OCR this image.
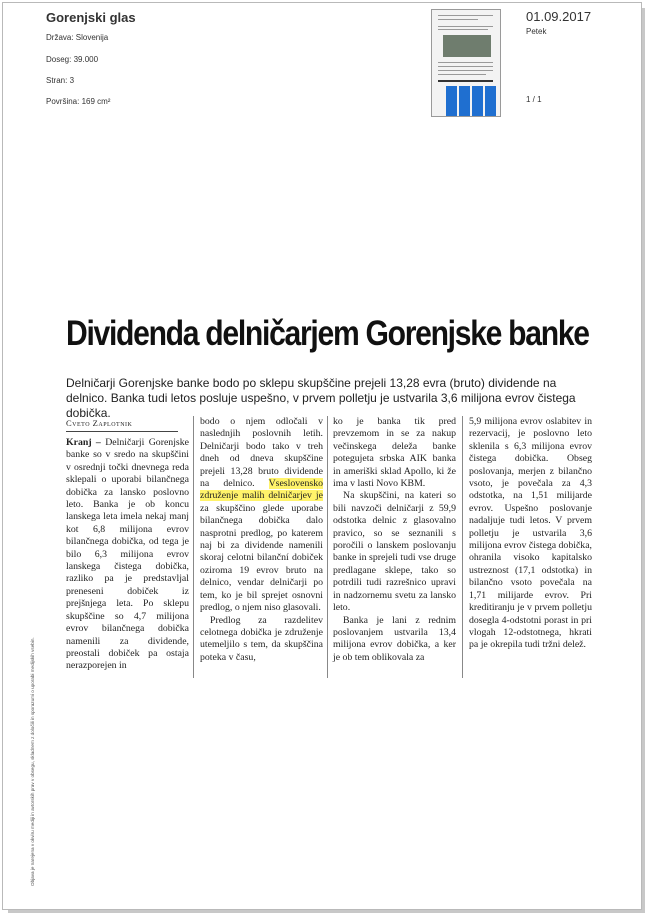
Gorenjski glas
Država: Slovenija
Doseg: 39.000
Stran: 3
Površina: 169 cm²
01.09.2017
Petek
1 / 1
Objava je narejena v okviru mediji in avtorskih prav v obsegu, skladnem z določili in sporazumi o uporabi medijskih vsebin.
Dividenda delničarjem Gorenjske banke
Delničarji Gorenjske banke bodo po sklepu skupščine prejeli 13,28 evra (bruto) dividende na delnico. Banka tudi letos posluje uspešno, v prvem polletju je ustvarila 3,6 milijona evrov čistega dobička.
Cveto Zaplotnik

Kranj – Delničarji Gorenjske banke so v sredo na skupščini v osrednji točki dnevnega reda sklepali o uporabi bilančnega dobička za lansko poslovno leto. Banka je ob koncu lanskega leta imela nekaj manj kot 6,8 milijona evrov bilančnega dobička, od tega je bilo 6,3 milijona evrov lanskega čistega dobička, razliko pa je predstavljal preneseni dobiček iz prejšnjega leta. Po sklepu skupščine so 4,7 milijona evrov bilančnega dobička namenili za dividende, preostali dobiček pa ostaja nerazporejen in

bodo o njem odločali v naslednjih poslovnih letih. Delničarji bodo tako v treh dneh od dneva skupščine prejeli 13,28 bruto dividende na delnico. Vseslovensko združenje malih delničarjev je za skupščino glede uporabe bilančnega dobička dalo nasprotni predlog, po katerem naj bi za dividende namenili skoraj celotni bilanční dobiček oziroma 19 evrov bruto na delnico, vendar delničarji po tem, ko je bil sprejet osnovni predlog, o njem niso glasovali.

Predlog za razdelitev celotnega dobička je združenje utemeljilo s tem, da skupščina poteka v času,

ko je banka tik pred prevzemom in se za nakup večinskega deleža banke potegujeta srbska AIK banka in ameriški sklad Apollo, ki že ima v lasti Novo KBM.

Na skupščini, na kateri so bili navzoči delničarji z 59,9 odstotka delnic z glasovalno pravico, so se seznanili s poročili o lanskem poslovanju banke in sprejeli tudi vse druge predlagane sklepe, tako so potrdili tudi razrešnico upravi in nadzornemu svetu za lansko leto.

Banka je lani z rednim poslovanjem ustvarila 13,4 milijona evrov dobička, a ker je ob tem oblikovala za

5,9 milijona evrov oslabitev in rezervacij, je poslovno leto sklenila s 6,3 milijona evrov čistega dobička. Obseg poslovanja, merjen z bilančno vsoto, je povečala za 4,3 odstotka, na 1,51 milijarde evrov. Uspešno poslovanje nadaljuje tudi letos. V prvem polletju je ustvarila 3,6 milijona evrov čistega dobička, ohranila visoko kapitalsko ustreznost (17,1 odstotka) in bilančno vsoto povečala na 1,71 milijarde evrov. Pri kreditiranju je v prvem polletju dosegla 4-odstotni porast in pri vlogah 12-odstotnega, hkrati pa je okrepila tudi tržni delež.
